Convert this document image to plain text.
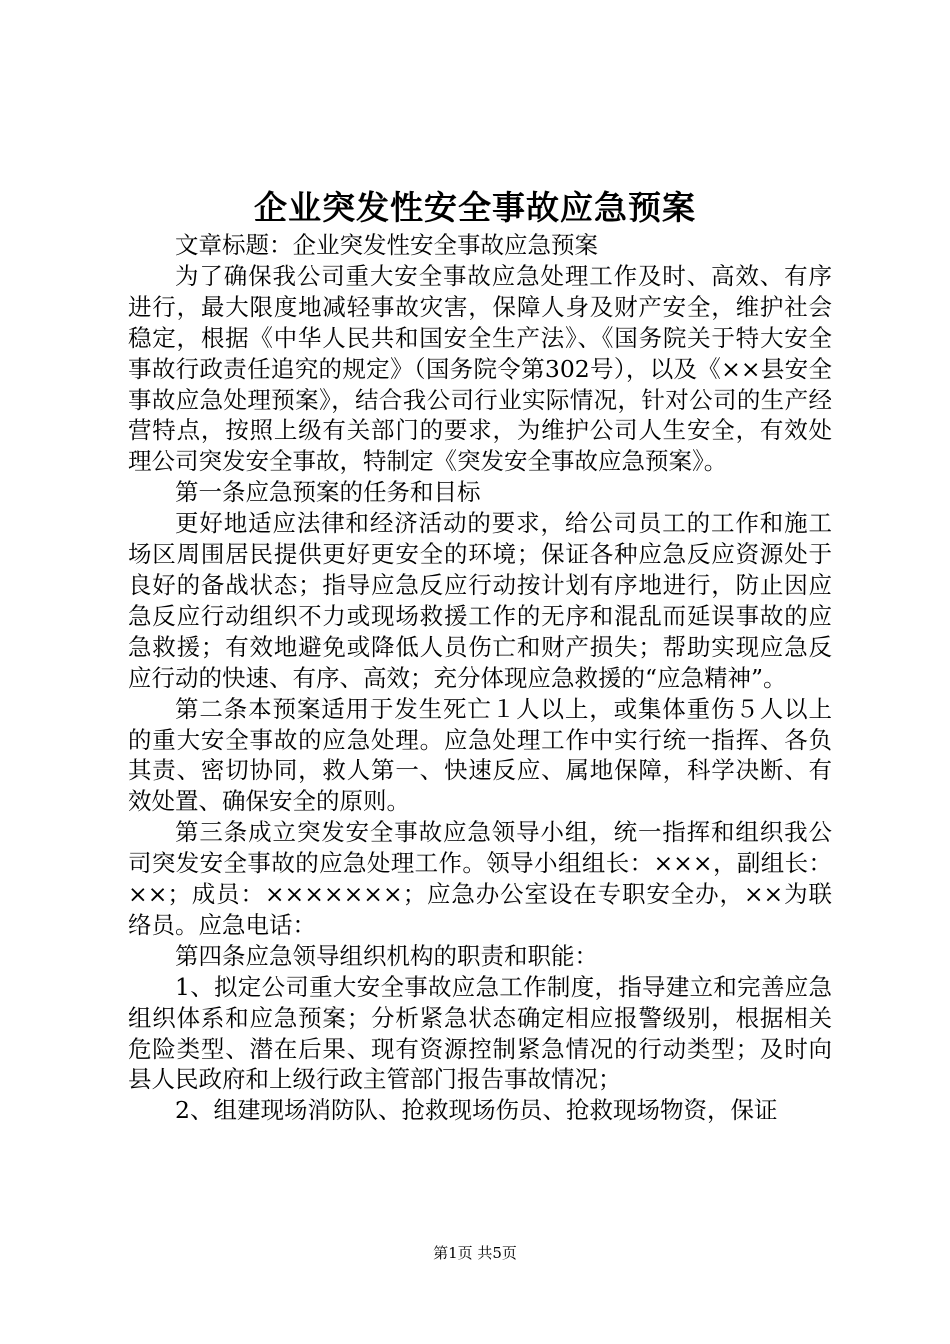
企业突发性安全事故应急预案

文章标题：企业突发性安全事故应急预案

为了确保我公司重大安全事故应急处理工作及时、高效、有序进行，最大限度地减轻事故灾害，保障人身及财产安全，维护社会稳定，根据《中华人民共和国安全生产法》、《国务院关于特大安全事故行政责任追究的规定》（国务院令第302号），以及《××县安全事故应急处理预案》，结合我公司行业实际情况，针对公司的生产经营特点，按照上级有关部门的要求，为维护公司人生安全，有效处理公司突发安全事故，特制定《突发安全事故应急预案》。

第一条应急预案的任务和目标

更好地适应法律和经济活动的要求，给公司员工的工作和施工场区周围居民提供更好更安全的环境；保证各种应急反应资源处于良好的备战状态；指导应急反应行动按计划有序地进行，防止因应急反应行动组织不力或现场救援工作的无序和混乱而延误事故的应急救援；有效地避免或降低人员伤亡和财产损失；帮助实现应急反应行动的快速、有序、高效；充分体现应急救援的“应急精神”。

第二条本预案适用于发生死亡１人以上，或集体重伤５人以上的重大安全事故的应急处理。应急处理工作中实行统一指挥、各负其责、密切协同，救人第一、快速反应、属地保障，科学决断、有效处置、确保安全的原则。

第三条成立突发安全事故应急领导小组，统一指挥和组织我公司突发安全事故的应急处理工作。领导小组组长：×××，副组长：××；成员：×××××××；应急办公室设在专职安全办，××为联络员。应急电话：

第四条应急领导组织机构的职责和职能：

1、拟定公司重大安全事故应急工作制度，指导建立和完善应急组织体系和应急预案；分析紧急状态确定相应报警级别，根据相关危险类型、潜在后果、现有资源控制紧急情况的行动类型；及时向县人民政府和上级行政主管部门报告事故情况；

2、组建现场消防队、抢救现场伤员、抢救现场物资，保证

第1页 共5页
